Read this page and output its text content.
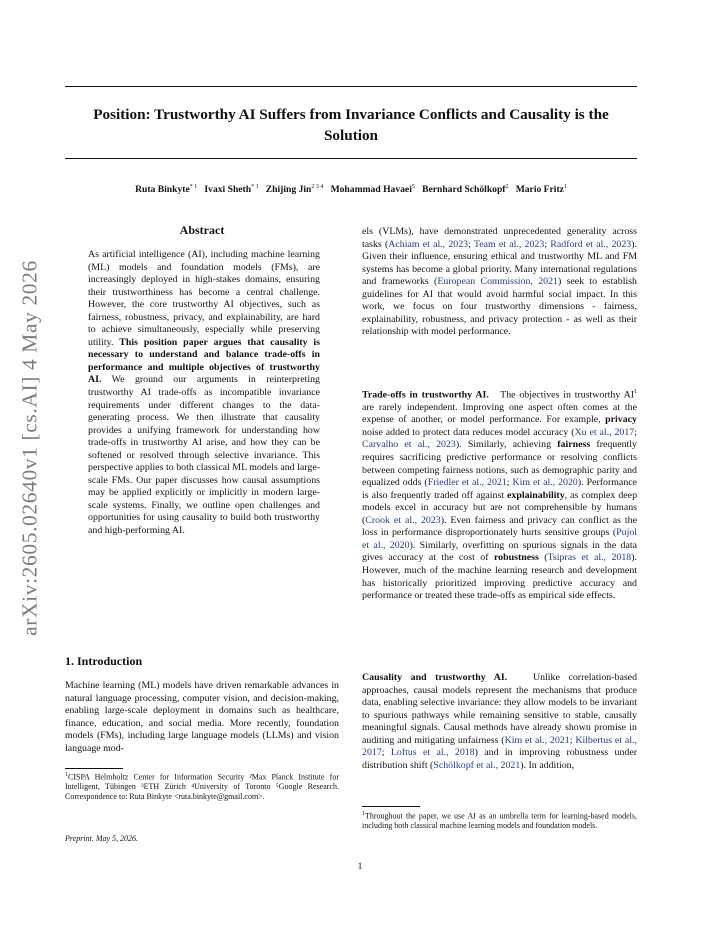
Position: Trustworthy AI Suffers from Invariance Conflicts and Causality is the Solution
Ruta Binkyte$^{* 1}$ Ivaxi Sheth$^{* 1}$ Zhijing Jin$^{2 3 4}$ Mohammad Havaei$^5$ Bernhard Schölkopf$^2$ Mario Fritz$^1$
arXiv:2605.02640v1 [cs.AI] 4 May 2026
Abstract

As artificial intelligence (AI), including machine learning (ML) models and foundation models (FMs), are increasingly deployed in high-stakes domains, ensuring their trustworthiness has become a central challenge. However, the core trustworthy AI objectives, such as fairness, robustness, privacy, and explainability, are hard to achieve simultaneously, especially while preserving utility. This position paper argues that causality is necessary to understand and balance trade-offs in performance and multiple objectives of trustworthy AI. We ground our arguments in reinterpreting trustworthy AI trade-offs as incompatible invariance requirements under different changes to the data-generating process. We then illustrate that causality provides a unifying framework for understanding how trade-offs in trustworthy AI arise, and how they can be softened or resolved through selective invariance. This perspective applies to both classical ML models and large-scale FMs. Our paper discusses how causal assumptions may be applied explicitly or implicitly in modern large-scale systems. Finally, we outline open challenges and opportunities for using causality to build both trustworthy and high-performing AI.

1. Introduction

Machine learning (ML) models have driven remarkable advances in natural language processing, computer vision, and decision-making, enabling large-scale deployment in domains such as healthcare, finance, education, and social media. More recently, foundation models (FMs), including large language models (LLMs) and vision language mod-

$^1$CISPA Helmholtz Center for Information Security ²Max Planck Institute for Intelligent, Tübingen ³ETH Zürich ⁴University of Toronto ⁵Google Research. Correspondence to: Ruta Binkyte <ruta.binkyte@gmail.com>.
Preprint. May 5, 2026.

els (VLMs), have demonstrated unprecedented generality across tasks (Achiam et al., 2023; Team et al., 2023; Radford et al., 2023). Given their influence, ensuring ethical and trustworthy ML and FM systems has become a global priority. Many international regulations and frameworks (European Commission, 2021) seek to establish guidelines for AI that would avoid harmful social impact. In this work, we focus on four trustworthy dimensions - fairness, explainability, robustness, and privacy protection - as well as their relationship with model performance.

Trade-offs in trustworthy AI. The objectives in trustworthy $AI^1$ are rarely independent. Improving one aspect often comes at the expense of another, or model performance. For example, privacy noise added to protect data reduces model accuracy (Xu et al., 2017; Carvalho et al., 2023). Similarly, achieving fairness frequently requires sacrificing predictive performance or resolving conflicts between competing fairness notions, such as demographic parity and equalized odds (Friedler et al., 2021; Kim et al., 2020). Performance is also frequently traded off against explainability, as complex deep models excel in accuracy but are not comprehensible by humans (Crook et al., 2023). Even fairness and privacy can conflict as the loss in performance disproportionately hurts sensitive groups (Pujol et al., 2020). Similarly, overfitting on spurious signals in the data gives accuracy at the cost of robustness (Tsipras et al., 2018). However, much of the machine learning research and development has historically prioritized improving predictive accuracy and performance or treated these trade-offs as empirical side effects.

Causality and trustworthy AI.	Unlike correlation-based approaches, causal models represent the mechanisms that produce data, enabling selective invariance: they allow models to be invariant to spurious pathways while remaining sensitive to stable, causally meaningful signals. Causal methods have already shown promise in auditing and mitigating unfairness (Kim et al., 2021; Kilbertus et al., 2017; Loftus et al., 2018) and in improving robustness under distribution shift (Schölkopf et al., 2021). In addition,

$^1$Throughout the paper, we use AI as an umbrella term for learning-based models, including both classical machine learning models and foundation models.
1
